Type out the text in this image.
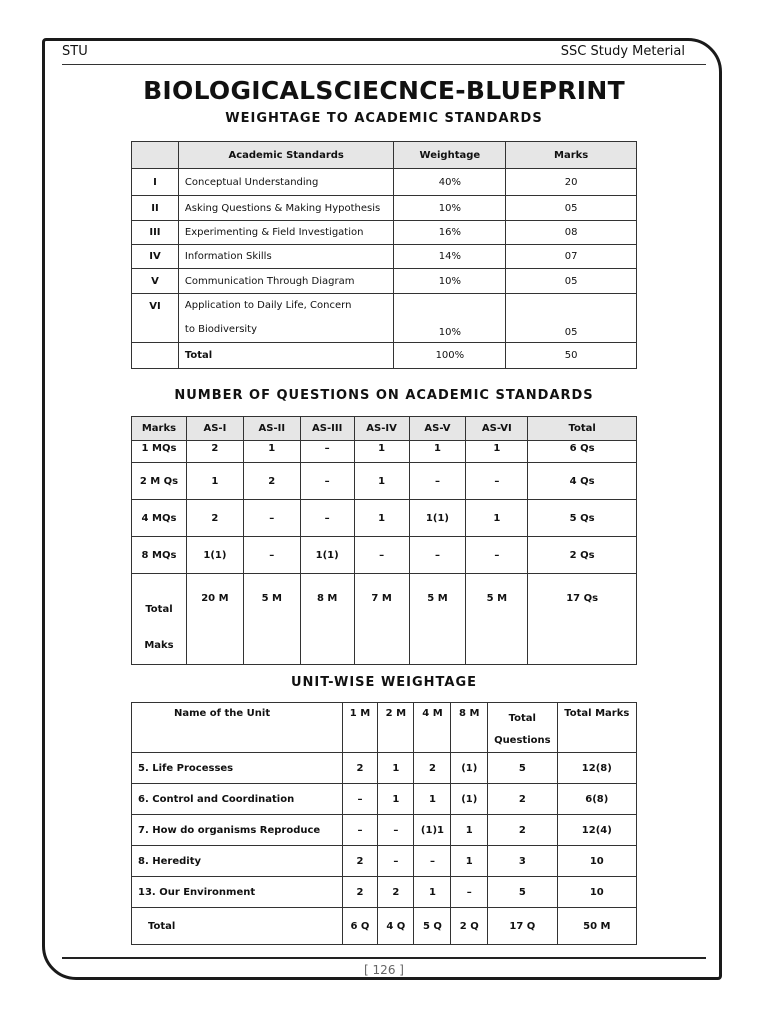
STU	SSC Study Meterial
BIOLOGICALSCIECNCE-BLUEPRINT
WEIGHTAGE TO ACADEMIC STANDARDS
	Academic Standards	Weightage	Marks
I	Conceptual Understanding	40%	20
II	Asking Questions & Making Hypothesis	10%	05
III	Experimenting & Field Investigation	16%	08
IV	Information Skills	14%	07
V	Communication Through Diagram	10%	05
VI	Application to Daily Life, Concern
to Biodiversity	10%	05
	Total	100%	50
NUMBER OF QUESTIONS ON ACADEMIC STANDARDS
Marks	AS-I	AS-II	AS-III	AS-IV	AS-V	AS-VI	Total
1 MQs	2	1	–	1	1	1	6 Qs
2 M Qs	1	2	–	1	–	–	4 Qs
4 MQs	2	–	–	1	1(1)	1	5 Qs
8 MQs	1(1)	–	1(1)	–	–	–	2 Qs

Total
Maks	20 M	5 M	8 M	7 M	5 M	5 M	17 Qs
UNIT-WISE WEIGHTAGE
Name of the Unit	1 M	2 M	4 M	8 M	Total
Questions	Total Marks
5. Life Processes	2	1	2	(1)	5	12(8)
6. Control and Coordination	–	1	1	(1)	2	6(8)
7. How do organisms Reproduce	–	–	(1)1	1	2	12(4)
8. Heredity	2	–	–	1	3	10
13. Our Environment	2	2	1	–	5	10
Total	6 Q	4 Q	5 Q	2 Q	17 Q	50 M
[ 126 ]
